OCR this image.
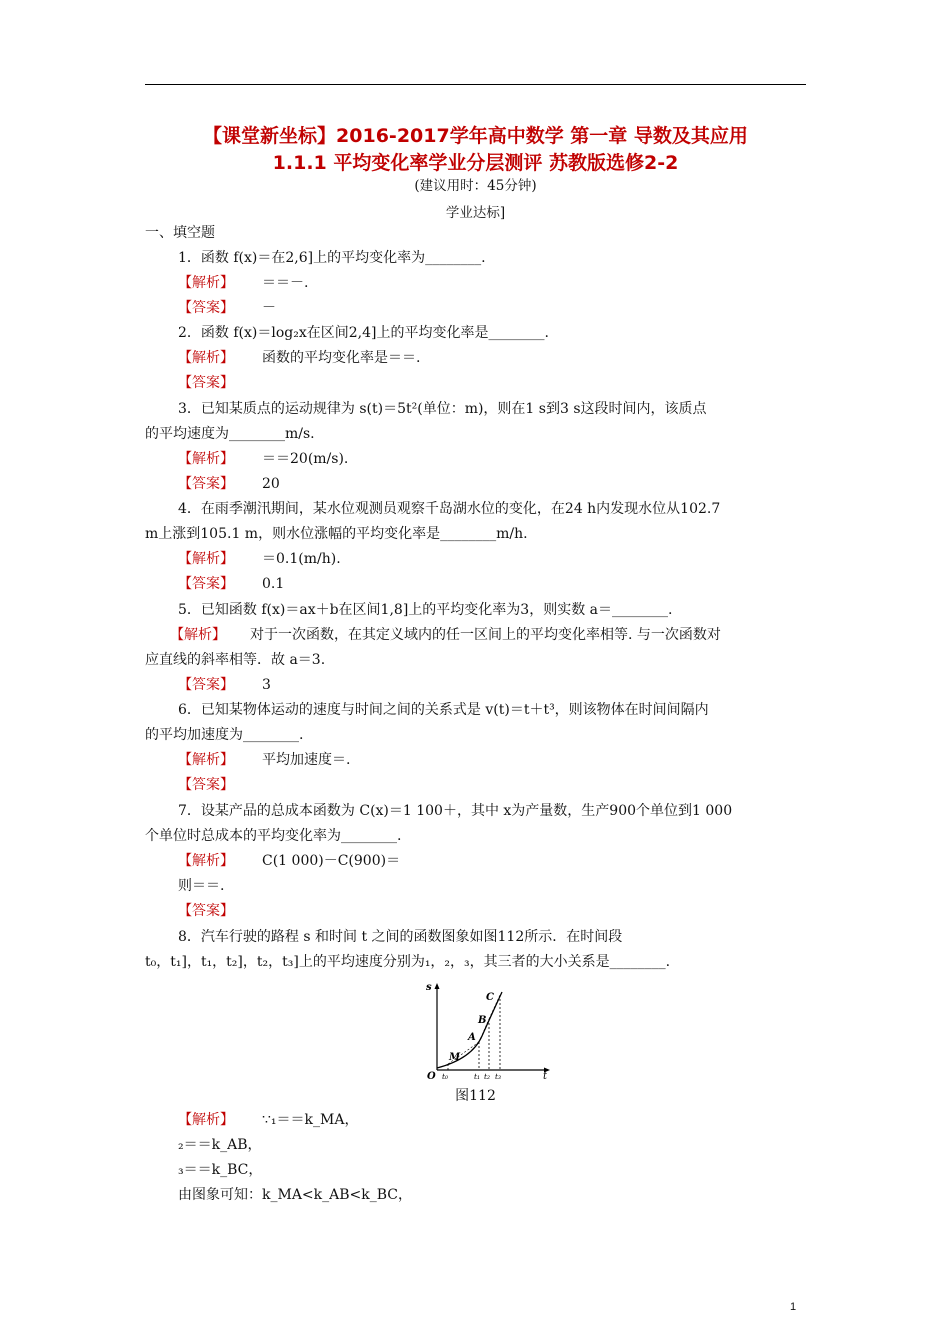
【课堂新坐标】2016-2017学年高中数学 第一章 导数及其应用
1.1.1 平均变化率学业分层测评 苏教版选修2-2
(建议用时：45分钟)
学业达标]
一、填空题
1．函数 f(x)＝在2,6]上的平均变化率为________.
【解析】 ＝＝－.
【答案】 －
2．函数 f(x)＝log₂x在区间2,4]上的平均变化率是________.
【解析】 函数的平均变化率是＝＝.
【答案】
3．已知某质点的运动规律为 s(t)＝5t²(单位：m)，则在1 s到3 s这段时间内，该质点
的平均速度为________m/s.
【解析】 ＝＝20(m/s).
【答案】 20
4．在雨季潮汛期间，某水位观测员观察千岛湖水位的变化，在24 h内发现水位从102.7
m上涨到105.1 m，则水位涨幅的平均变化率是________m/h.
【解析】 ＝0.1(m/h).
【答案】 0.1
5．已知函数 f(x)＝ax＋b在区间1,8]上的平均变化率为3，则实数 a＝________.
【解析】 对于一次函数，在其定义域内的任一区间上的平均变化率相等. 与一次函数对
应直线的斜率相等．故 a＝3.
【答案】 3
6．已知某物体运动的速度与时间之间的关系式是 v(t)＝t＋t³，则该物体在时间间隔内
的平均加速度为________.
【解析】 平均加速度＝.
【答案】
7．设某产品的总成本函数为 C(x)＝1 100＋，其中 x为产量数，生产900个单位到1 000
个单位时总成本的平均变化率为________.
【解析】 C(1 000)－C(900)＝
则＝＝.
【答案】
8．汽车行驶的路程 s 和时间 t 之间的函数图象如图112所示．在时间段
t₀，t₁]，t₁，t₂]，t₂，t₃]上的平均速度分别为₁，₂，₃，其三者的大小关系是________.
s
t
O
M
A
B
C
t₀	t₁ t₂ t₃
图112
【解析】 ∵₁＝＝k_MA，
₂＝＝k_AB，
₃＝＝k_BC，
由图象可知：k_MA<k_AB<k_BC，
1
